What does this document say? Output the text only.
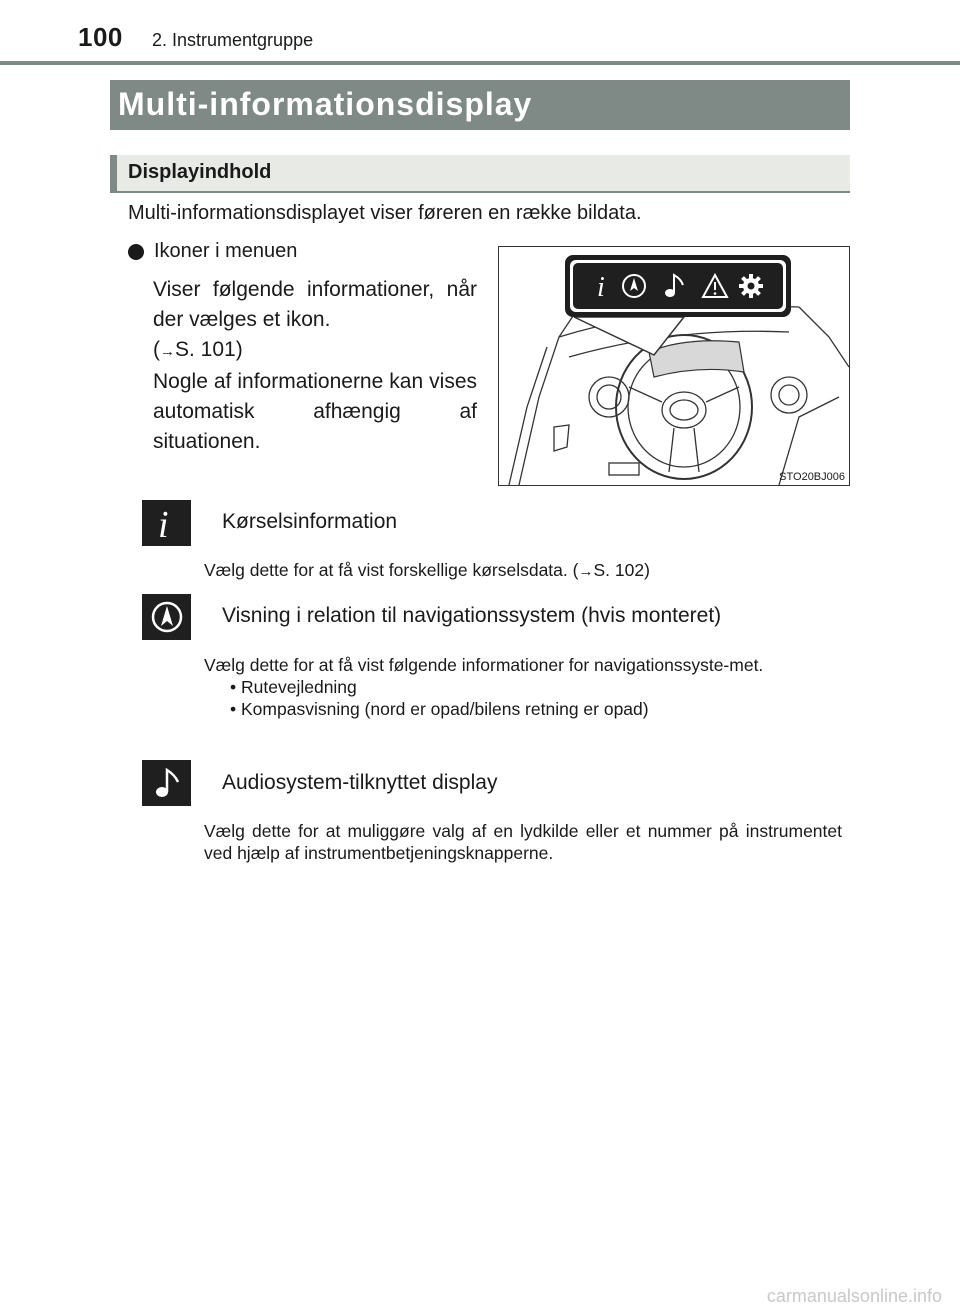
100 2. Instrumentgruppe
Multi-informationsdisplay
Displayindhold
Multi-informationsdisplayet viser føreren en række bildata.
Ikoner i menuen

Viser følgende informationer, når der vælges et ikon.

(→S. 101)

Nogle af informationerne kan vises automatisk afhængig af situationen.

i
STO20BJ006
i	Kørselsinformation
Vælg dette for at få vist forskellige kørselsdata. (→S. 102)
Visning i relation til navigationssystem (hvis monteret)
Vælg dette for at få vist følgende informationer for navigationssyste-met.
• Rutevejledning
• Kompasvisning (nord er opad/bilens retning er opad)
Audiosystem-tilknyttet display
Vælg dette for at muliggøre valg af en lydkilde eller et nummer på instrumentet ved hjælp af instrumentbetjeningsknapperne.
carmanualsonline.info
